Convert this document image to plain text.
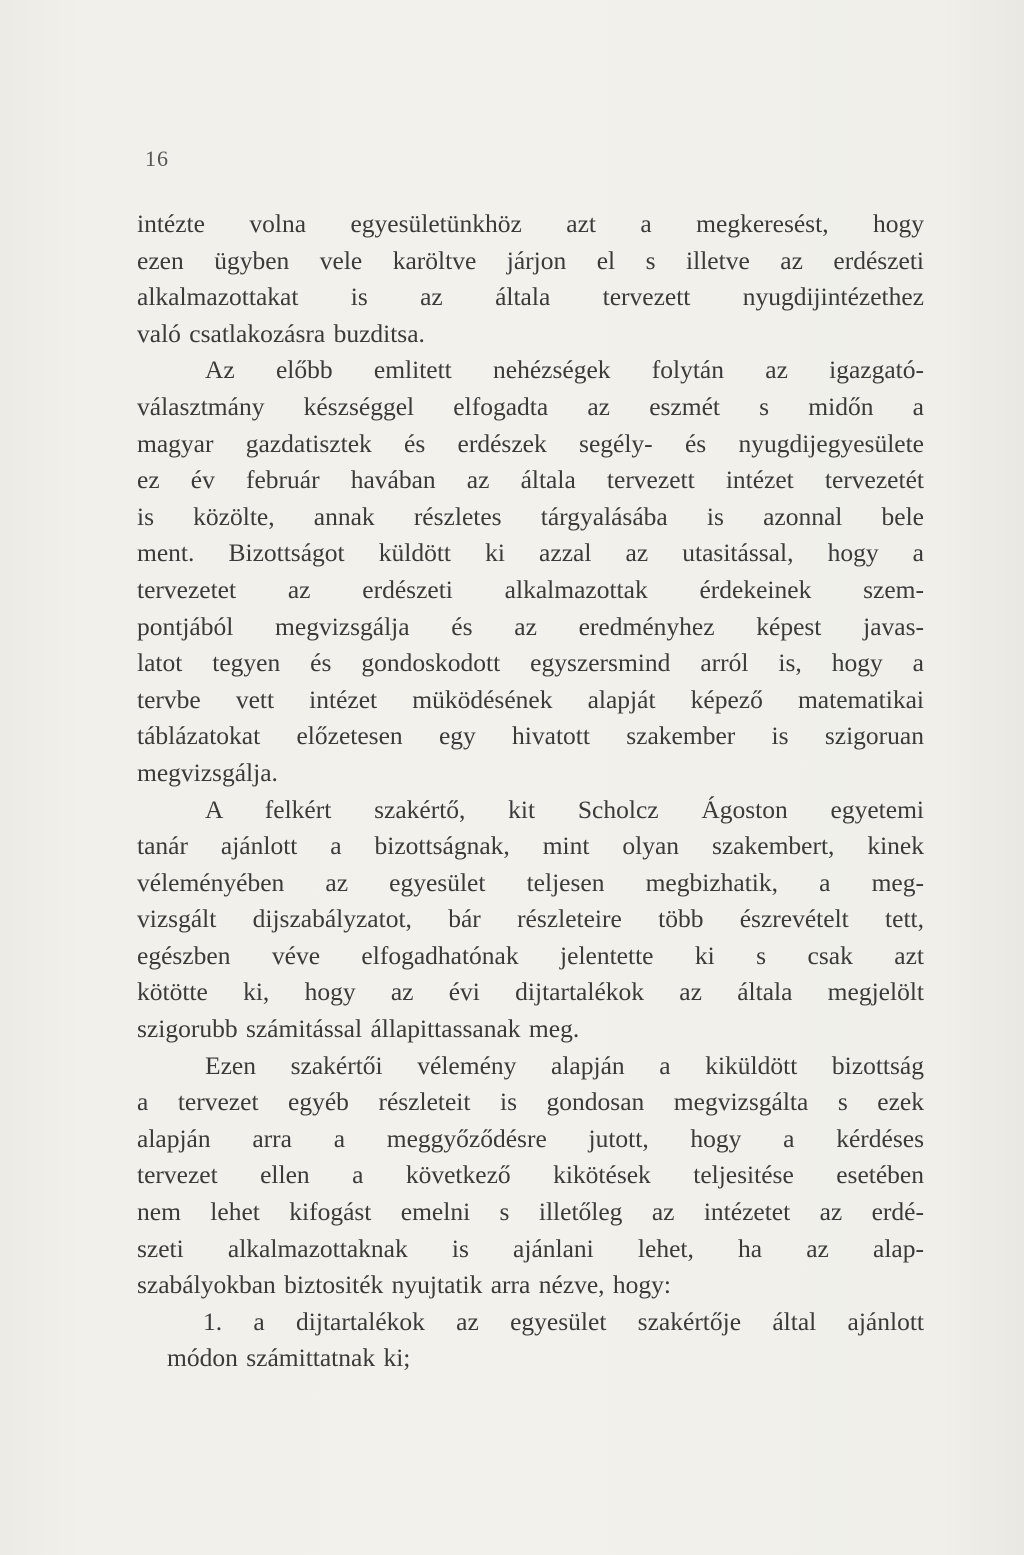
16
intézte volna egyesületünkhöz azt a megkeresést, hogy
ezen ügyben vele karöltve járjon el s illetve az erdészeti
alkalmazottakat is az általa tervezett nyugdijintézethez
való csatlakozásra buzditsa.
Az előbb emlitett nehézségek folytán az igazgató-
választmány készséggel elfogadta az eszmét s midőn a
magyar gazdatisztek és erdészek segély- és nyugdijegyesülete
ez év február havában az általa tervezett intézet tervezetét
is közölte, annak részletes tárgyalásába is azonnal bele
ment. Bizottságot küldött ki azzal az utasitással, hogy a
tervezetet az erdészeti alkalmazottak érdekeinek szem-
pontjából megvizsgálja és az eredményhez képest javas-
latot tegyen és gondoskodott egyszersmind arról is, hogy a
tervbe vett intézet müködésének alapját képező matematikai
táblázatokat előzetesen egy hivatott szakember is szigoruan
megvizsgálja.
A felkért szakértő, kit Scholcz Ágoston egyetemi
tanár ajánlott a bizottságnak, mint olyan szakembert, kinek
véleményében az egyesület teljesen megbizhatik, a meg-
vizsgált dijszabályzatot, bár részleteire több észrevételt tett,
egészben véve elfogadhatónak jelentette ki s csak azt
kötötte ki, hogy az évi dijtartalékok az általa megjelölt
szigorubb számitással állapittassanak meg.
Ezen szakértői vélemény alapján a kiküldött bizottság
a tervezet egyéb részleteit is gondosan megvizsgálta s ezek
alapján arra a meggyőződésre jutott, hogy a kérdéses
tervezet ellen a következő kikötések teljesitése esetében
nem lehet kifogást emelni s illetőleg az intézetet az erdé-
szeti alkalmazottaknak is ajánlani lehet, ha az alap-
szabályokban biztositék nyujtatik arra nézve, hogy:
1. a dijtartalékok az egyesület szakértője által ajánlott
módon számittatnak ki;
